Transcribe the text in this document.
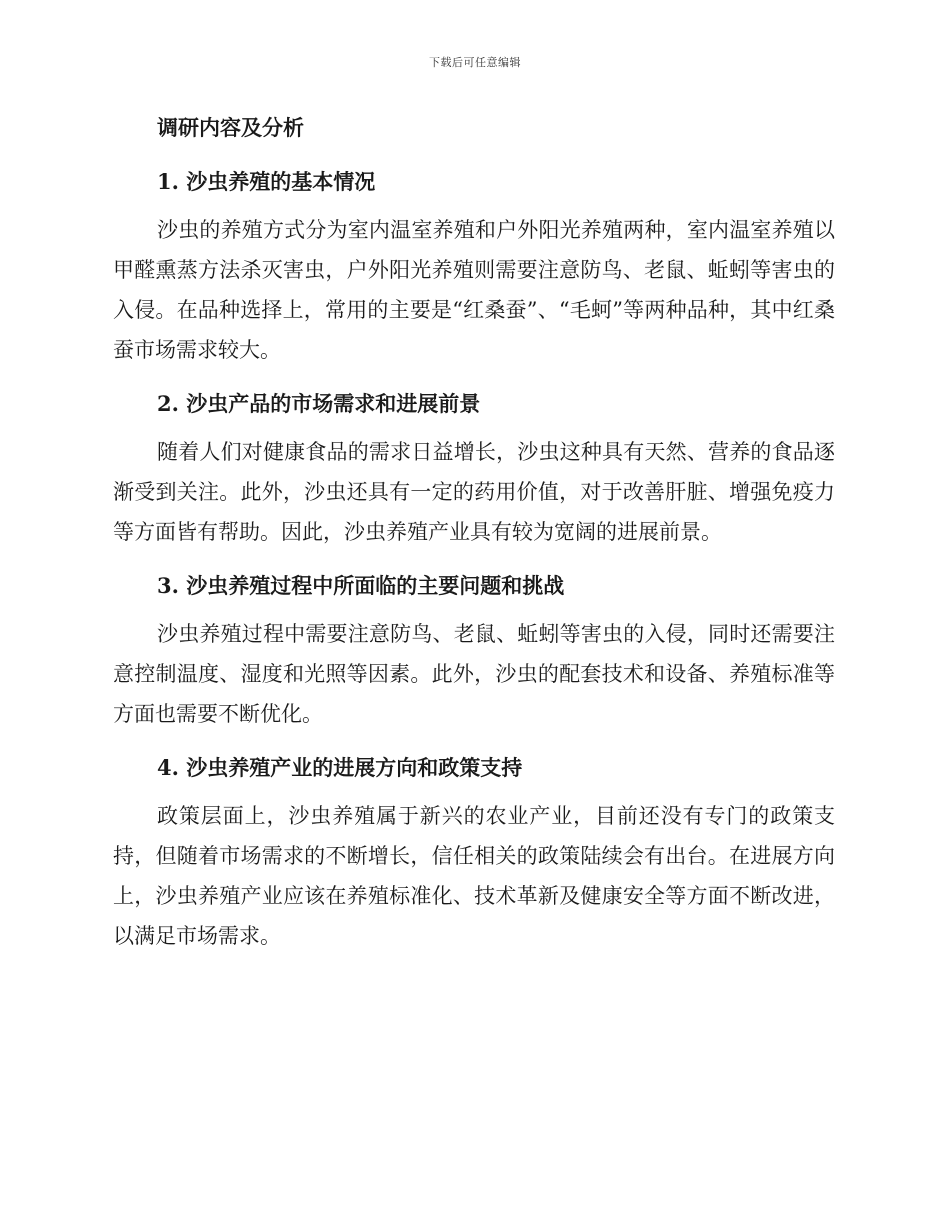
下载后可任意编辑
调研内容及分析
1. 沙虫养殖的基本情况

沙虫的养殖方式分为室内温室养殖和户外阳光养殖两种，室内温室养殖以甲醛熏蒸方法杀灭害虫，户外阳光养殖则需要注意防鸟、老鼠、蚯蚓等害虫的入侵。在品种选择上，常用的主要是“红桑蚕”、“毛蚵”等两种品种，其中红桑蚕市场需求较大。

2. 沙虫产品的市场需求和进展前景

随着人们对健康食品的需求日益增长，沙虫这种具有天然、营养的食品逐渐受到关注。此外，沙虫还具有一定的药用价值，对于改善肝脏、增强免疫力等方面皆有帮助。因此，沙虫养殖产业具有较为宽阔的进展前景。

3. 沙虫养殖过程中所面临的主要问题和挑战

沙虫养殖过程中需要注意防鸟、老鼠、蚯蚓等害虫的入侵，同时还需要注意控制温度、湿度和光照等因素。此外，沙虫的配套技术和设备、养殖标准等方面也需要不断优化。

4. 沙虫养殖产业的进展方向和政策支持

政策层面上，沙虫养殖属于新兴的农业产业，目前还没有专门的政策支持，但随着市场需求的不断增长，信任相关的政策陆续会有出台。在进展方向上，沙虫养殖产业应该在养殖标准化、技术革新及健康安全等方面不断改进，以满足市场需求。
